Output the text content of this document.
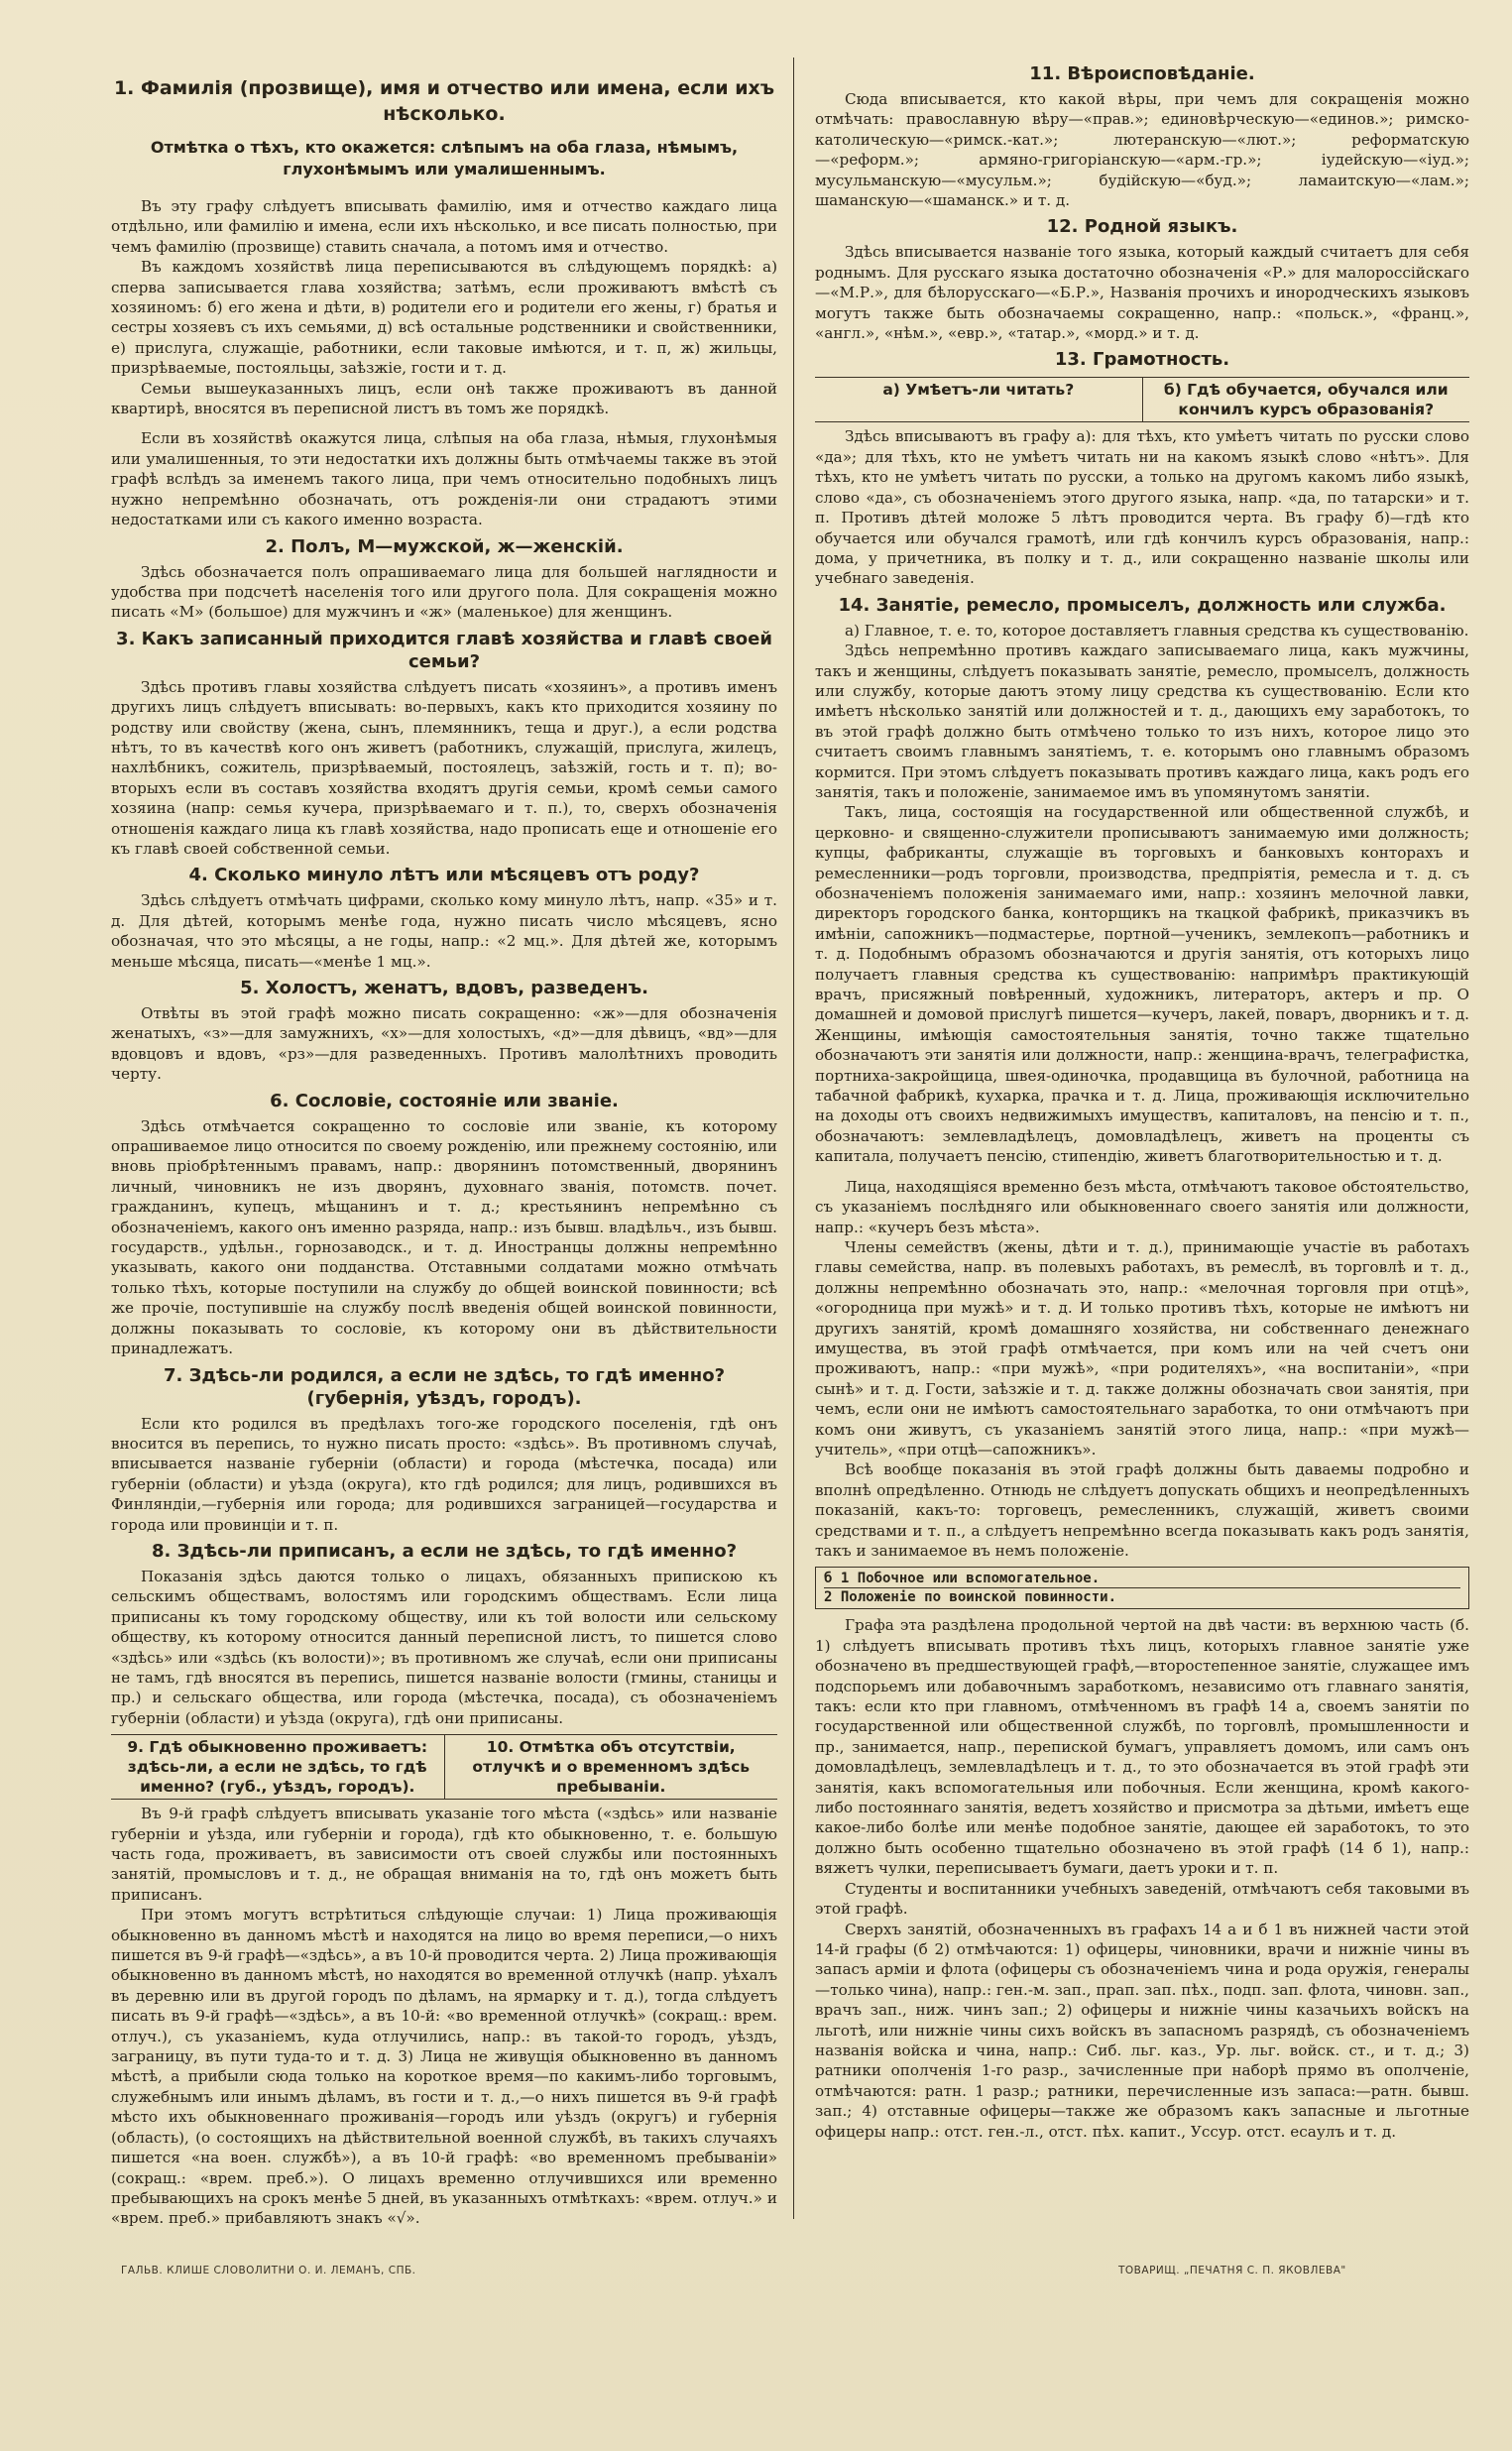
1. Фамилія (прозвище), имя и отчество или имена, если ихъ нѣсколько.
Отмѣтка о тѣхъ, кто окажется: слѣпымъ на оба глаза, нѣмымъ, глухонѣмымъ или умалишеннымъ.

Въ эту графу слѣдуетъ вписывать фамилію, имя и отчество каждаго лица отдѣльно, или фамилію и имена, если ихъ нѣсколько, и все писать полностью, при чемъ фамилію (прозвище) ставить сначала, а потомъ имя и отчество.

Въ каждомъ хозяйствѣ лица переписываются въ слѣдующемъ порядкѣ: а) сперва записывается глава хозяйства; затѣмъ, если проживаютъ вмѣстѣ съ хозяиномъ: б) его жена и дѣти, в) родители его и родители его жены, г) братья и сестры хозяевъ съ ихъ семьями, д) всѣ остальные родственники и свойственники, е) прислуга, служащіе, работники, если таковые имѣются, и т. п, ж) жильцы, призрѣваемые, постояльцы, заѣзжіе, гости и т. д.

Семьи вышеуказанныхъ лицъ, если онѣ также проживаютъ въ данной квартирѣ, вносятся въ переписной листъ въ томъ же порядкѣ.

Если въ хозяйствѣ окажутся лица, слѣпыя на оба глаза, нѣмыя, глухонѣмыя или умалишенныя, то эти недостатки ихъ должны быть отмѣчаемы также въ этой графѣ вслѣдъ за именемъ такого лица, при чемъ относительно подобныхъ лицъ нужно непремѣнно обозначать, отъ рожденія-ли они страдаютъ этими недостатками или съ какого именно возраста.

2. Полъ, М—мужской, ж—женскій.

Здѣсь обозначается полъ опрашиваемаго лица для большей наглядности и удобства при подсчетѣ населенія того или другого пола. Для сокращенія можно писать «М» (большое) для мужчинъ и «ж» (маленькое) для женщинъ.

3. Какъ записанный приходится главѣ хозяйства и главѣ своей семьи?

Здѣсь противъ главы хозяйства слѣдуетъ писать «хозяинъ», а противъ именъ другихъ лицъ слѣдуетъ вписывать: во-первыхъ, какъ кто приходится хозяину по родству или свойству (жена, сынъ, племянникъ, теща и друг.), а если родства нѣтъ, то въ качествѣ кого онъ живетъ (работникъ, служащій, прислуга, жилецъ, нахлѣбникъ, сожитель, призрѣваемый, постоялецъ, заѣзжій, гость и т. п); во-вторыхъ если въ составъ хозяйства входятъ другія семьи, кромѣ семьи самого хозяина (напр: семья кучера, призрѣваемаго и т. п.), то, сверхъ обозначенія отношенія каждаго лица къ главѣ хозяйства, надо прописать еще и отношеніе его къ главѣ своей собственной семьи.

4. Сколько минуло лѣтъ или мѣсяцевъ отъ роду?

Здѣсь слѣдуетъ отмѣчать цифрами, сколько кому минуло лѣтъ, напр. «35» и т. д. Для дѣтей, которымъ менѣе года, нужно писать число мѣсяцевъ, ясно обозначая, что это мѣсяцы, а не годы, напр.: «2 мц.». Для дѣтей же, которымъ меньше мѣсяца, писать—«менѣе 1 мц.».

5. Холостъ, женатъ, вдовъ, разведенъ.

Отвѣты въ этой графѣ можно писать сокращенно: «ж»—для обозначенія женатыхъ, «з»—для замужнихъ, «х»—для холостыхъ, «д»—для дѣвицъ, «вд»—для вдовцовъ и вдовъ, «рз»—для разведенныхъ. Противъ малолѣтнихъ проводить черту.

6. Сословіе, состояніе или званіе.

Здѣсь отмѣчается сокращенно то сословіе или званіе, къ которому опрашиваемое лицо относится по своему рожденію, или прежнему состоянію, или вновь пріобрѣтеннымъ правамъ, напр.: дворянинъ потомственный, дворянинъ личный, чиновникъ не изъ дворянъ, духовнаго званія, потомств. почет. гражданинъ, купецъ, мѣщанинъ и т. д.; крестьянинъ непремѣнно съ обозначеніемъ, какого онъ именно разряда, напр.: изъ бывш. владѣльч., изъ бывш. государств., удѣльн., горнозаводск., и т. д. Иностранцы должны непремѣнно указывать, какого они подданства. Отставными солдатами можно отмѣчать только тѣхъ, которые поступили на службу до общей воинской повинности; всѣ же прочіе, поступившіе на службу послѣ введенія общей воинской повинности, должны показывать то сословіе, къ которому они въ дѣйствительности принадлежатъ.

7. Здѣсь-ли родился, а если не здѣсь, то гдѣ именно? (губернія, уѣздъ, городъ).

Если кто родился въ предѣлахъ того-же городского поселенія, гдѣ онъ вносится въ перепись, то нужно писать просто: «здѣсь». Въ противномъ случаѣ, вписывается названіе губерніи (области) и города (мѣстечка, посада) или губерніи (области) и уѣзда (округа), кто гдѣ родился; для лицъ, родившихся въ Финляндіи,—губернія или города; для родившихся заграницей—государства и города или провинціи и т. п.

8. Здѣсь-ли приписанъ, а если не здѣсь, то гдѣ именно?

Показанія здѣсь даются только о лицахъ, обязанныхъ припискою къ сельскимъ обществамъ, волостямъ или городскимъ обществамъ. Если лица приписаны къ тому городскому обществу, или къ той волости или сельскому обществу, къ которому относится данный переписной листъ, то пишется слово «здѣсь» или «здѣсь (къ волости)»; въ противномъ же случаѣ, если они приписаны не тамъ, гдѣ вносятся въ перепись, пишется названіе волости (гмины, станицы и пр.) и сельскаго общества, или города (мѣстечка, посада), съ обозначеніемъ губерніи (области) и уѣзда (округа), гдѣ они приписаны.

9. Гдѣ обыкновенно проживаетъ: здѣсь-ли, а если не здѣсь, то гдѣ именно? (губ., уѣздъ, городъ).
10. Отмѣтка объ отсутствіи, отлучкѣ и о временномъ здѣсь пребываніи.

Въ 9-й графѣ слѣдуетъ вписывать указаніе того мѣста («здѣсь» или названіе губерніи и уѣзда, или губерніи и города), гдѣ кто обыкновенно, т. е. большую часть года, проживаетъ, въ зависимости отъ своей службы или постоянныхъ занятій, промысловъ и т. д., не обращая вниманія на то, гдѣ онъ можетъ быть приписанъ.

При этомъ могутъ встрѣтиться слѣдующіе случаи: 1) Лица проживающія обыкновенно въ данномъ мѣстѣ и находятся на лицо во время переписи,—о нихъ пишется въ 9-й графѣ—«здѣсь», а въ 10-й проводится черта. 2) Лица проживающія обыкновенно въ данномъ мѣстѣ, но находятся во временной отлучкѣ (напр. уѣхалъ въ деревню или въ другой городъ по дѣламъ, на ярмарку и т. д.), тогда слѣдуетъ писать въ 9-й графѣ—«здѣсь», а въ 10-й: «во временной отлучкѣ» (сокращ.: врем. отлуч.), съ указаніемъ, куда отлучились, напр.: въ такой-то городъ, уѣздъ, заграницу, въ пути туда-то и т. д. 3) Лица не живущія обыкновенно въ данномъ мѣстѣ, а прибыли сюда только на короткое время—по какимъ-либо торговымъ, служебнымъ или инымъ дѣламъ, въ гости и т. д.,—о нихъ пишется въ 9-й графѣ мѣсто ихъ обыкновеннаго проживанія—городъ или уѣздъ (округъ) и губернія (область), (о состоящихъ на дѣйствительной военной службѣ, въ такихъ случаяхъ пишется «на воен. службѣ»), а въ 10-й графѣ: «во временномъ пребываніи» (сокращ.: «врем. преб.»). О лицахъ временно отлучившихся или временно пребывающихъ на срокъ менѣе 5 дней, въ указанныхъ отмѣткахъ: «врем. отлуч.» и «врем. преб.» прибавляютъ знакъ «√».

11. Вѣроисповѣданіе.

Сюда вписывается, кто какой вѣры, при чемъ для сокращенія можно отмѣчать: православную вѣру—«прав.»; единовѣрческую—«единов.»; римско-католическую—«римск.-кат.»; лютеранскую—«лют.»; реформатскую—«реформ.»; армяно-григоріанскую—«арм.-гр.»; іудейскую—«іуд.»; мусульманскую—«мусульм.»; будійскую—«буд.»; ламаитскую—«лам.»; шаманскую—«шаманск.» и т. д.

12. Родной языкъ.

Здѣсь вписывается названіе того языка, который каждый считаетъ для себя роднымъ. Для русскаго языка достаточно обозначенія «Р.» для малороссійскаго—«М.Р.», для бѣлорусскаго—«Б.Р.», Названія прочихъ и инородческихъ языковъ могутъ также быть обозначаемы сокращенно, напр.: «польск.», «франц.», «англ.», «нѣм.», «евр.», «татар.», «морд.» и т. д.

13. Грамотность.
а) Умѣетъ-ли читать?	б) Гдѣ обучается, обучался или кончилъ курсъ образованія?

Здѣсь вписываютъ въ графу а): для тѣхъ, кто умѣетъ читать по русски слово «да»; для тѣхъ, кто не умѣетъ читать ни на какомъ языкѣ слово «нѣтъ». Для тѣхъ, кто не умѣетъ читать по русски, а только на другомъ какомъ либо языкѣ, слово «да», съ обозначеніемъ этого другого языка, напр. «да, по татарски» и т. п. Противъ дѣтей моложе 5 лѣтъ проводится черта. Въ графу б)—гдѣ кто обучается или обучался грамотѣ, или гдѣ кончилъ курсъ образованія, напр.: дома, у причетника, въ полку и т. д., или сокращенно названіе школы или учебнаго заведенія.

14. Занятіе, ремесло, промыселъ, должность или служба.

а) Главное, т. е. то, которое доставляетъ главныя средства къ существованію.

Здѣсь непремѣнно противъ каждаго записываемаго лица, какъ мужчины, такъ и женщины, слѣдуетъ показывать занятіе, ремесло, промыселъ, должность или службу, которые даютъ этому лицу средства къ существованію. Если кто имѣетъ нѣсколько занятій или должностей и т. д., дающихъ ему заработокъ, то въ этой графѣ должно быть отмѣчено только то изъ нихъ, которое лицо это считаетъ своимъ главнымъ занятіемъ, т. е. которымъ оно главнымъ образомъ кормится. При этомъ слѣдуетъ показывать противъ каждаго лица, какъ родъ его занятія, такъ и положеніе, занимаемое имъ въ упомянутомъ занятіи.

Такъ, лица, состоящія на государственной или общественной службѣ, и церковно- и священно-служители прописываютъ занимаемую ими должность; купцы, фабриканты, служащіе въ торговыхъ и банковыхъ конторахъ и ремесленники—родъ торговли, производства, предпріятія, ремесла и т. д. съ обозначеніемъ положенія занимаемаго ими, напр.: хозяинъ мелочной лавки, директоръ городского банка, конторщикъ на ткацкой фабрикѣ, приказчикъ въ имѣніи, сапожникъ—подмастерье, портной—ученикъ, землекопъ—работникъ и т. д. Подобнымъ образомъ обозначаются и другія занятія, отъ которыхъ лицо получаетъ главныя средства къ существованію: напримѣръ практикующій врачъ, присяжный повѣренный, художникъ, литераторъ, актеръ и пр. О домашней и домовой прислугѣ пишется—кучеръ, лакей, поваръ, дворникъ и т. д. Женщины, имѣющія самостоятельныя занятія, точно также тщательно обозначаютъ эти занятія или должности, напр.: женщина-врачъ, телеграфистка, портниха-закройщица, швея-одиночка, продавщица въ булочной, работница на табачной фабрикѣ, кухарка, прачка и т. д. Лица, проживающія исключительно на доходы отъ своихъ недвижимыхъ имуществъ, капиталовъ, на пенсію и т. п., обозначаютъ: землевладѣлецъ, домовладѣлецъ, живетъ на проценты съ капитала, получаетъ пенсію, стипендію, живетъ благотворительностью и т. д.

Лица, находящіяся временно безъ мѣста, отмѣчаютъ таковое обстоятельство, съ указаніемъ послѣдняго или обыкновеннаго своего занятія или должности, напр.: «кучеръ безъ мѣста».

Члены семействъ (жены, дѣти и т. д.), принимающіе участіе въ работахъ главы семейства, напр. въ полевыхъ работахъ, въ ремеслѣ, въ торговлѣ и т. д., должны непремѣнно обозначать это, напр.: «мелочная торговля при отцѣ», «огородница при мужѣ» и т. д. И только противъ тѣхъ, которые не имѣютъ ни другихъ занятій, кромѣ домашняго хозяйства, ни собственнаго денежнаго имущества, въ этой графѣ отмѣчается, при комъ или на чей счетъ они проживаютъ, напр.: «при мужѣ», «при родителяхъ», «на воспитаніи», «при сынѣ» и т. д. Гости, заѣзжіе и т. д. также должны обозначать свои занятія, при чемъ, если они не имѣютъ самостоятельнаго заработка, то они отмѣчаютъ при комъ они живутъ, съ указаніемъ занятій этого лица, напр.: «при мужѣ—учитель», «при отцѣ—сапожникъ».

Всѣ вообще показанія въ этой графѣ должны быть даваемы подробно и вполнѣ опредѣленно. Отнюдь не слѣдуетъ допускать общихъ и неопредѣленныхъ показаній, какъ-то: торговецъ, ремесленникъ, служащій, живетъ своими средствами и т. п., а слѣдуетъ непремѣнно всегда показывать какъ родъ занятія, такъ и занимаемое въ немъ положеніе.

б 1 Побочное или вспомогательное.
2 Положеніе по воинской повинности.

Графа эта раздѣлена продольной чертой на двѣ части: въ верхнюю часть (б. 1) слѣдуетъ вписывать противъ тѣхъ лицъ, которыхъ главное занятіе уже обозначено въ предшествующей графѣ,—второстепенное занятіе, служащее имъ подспорьемъ или добавочнымъ заработкомъ, независимо отъ главнаго занятія, такъ: если кто при главномъ, отмѣченномъ въ графѣ 14 а, своемъ занятіи по государственной или общественной службѣ, по торговлѣ, промышленности и пр., занимается, напр., перепиской бумагъ, управляетъ домомъ, или самъ онъ домовладѣлецъ, землевладѣлецъ и т. д., то это обозначается въ этой графѣ эти занятія, какъ вспомогательныя или побочныя. Если женщина, кромѣ какого-либо постояннаго занятія, ведетъ хозяйство и присмотра за дѣтьми, имѣетъ еще какое-либо болѣе или менѣе подобное занятіе, дающее ей заработокъ, то это должно быть особенно тщательно обозначено въ этой графѣ (14 б 1), напр.: вяжетъ чулки, переписываетъ бумаги, даетъ уроки и т. п.

Студенты и воспитанники учебныхъ заведеній, отмѣчаютъ себя таковыми въ этой графѣ.

Сверхъ занятій, обозначенныхъ въ графахъ 14 а и б 1 въ нижней части этой 14-й графы (б 2) отмѣчаются: 1) офицеры, чиновники, врачи и нижніе чины въ запасъ арміи и флота (офицеры съ обозначеніемъ чина и рода оружія, генералы—только чина), напр.: ген.-м. зап., прап. зап. пѣх., подп. зап. флота, чиновн. зап., врачъ зап., ниж. чинъ зап.; 2) офицеры и нижніе чины казачьихъ войскъ на льготѣ, или нижніе чины сихъ войскъ въ запасномъ разрядѣ, съ обозначеніемъ названія войска и чина, напр.: Сиб. льг. каз., Ур. льг. войск. ст., и т. д.; 3) ратники ополченія 1-го разр., зачисленные при наборѣ прямо въ ополченіе, отмѣчаются: ратн. 1 разр.; ратники, перечисленные изъ запаса:—ратн. бывш. зап.; 4) отставные офицеры—также же образомъ какъ запасные и льготные офицеры напр.: отст. ген.-л., отст. пѣх. капит., Уссур. отст. есаулъ и т. д.

ГАЛЬВ. КЛИШЕ СЛОВОЛИТНИ О. И. ЛЕМАНЪ, СПБ.	ТОВАРИЩ. „ПЕЧАТНЯ С. П. ЯКОВЛЕВА"
